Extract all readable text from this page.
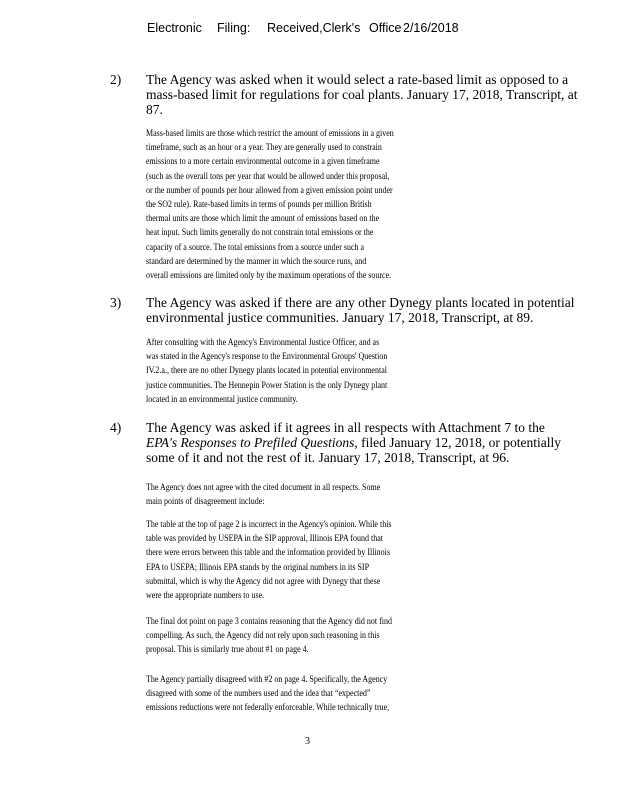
Electronic Filing: Received,Clerk's Office 2/16/2018
2) The Agency was asked when it would select a rate-based limit as opposed to a
mass-based limit for regulations for coal plants. January 17, 2018, Transcript, at
87.
Mass-based limits are those which restrict the amount of emissions in a given
timeframe, such as an hour or a year. They are generally used to constrain
emissions to a more certain environmental outcome in a given timeframe
(such as the overall tons per year that would be allowed under this proposal,
or the number of pounds per hour allowed from a given emission point under
the SO2 rule). Rate-based limits in terms of pounds per million British
thermal units are those which limit the amount of emissions based on the
heat input. Such limits generally do not constrain total emissions or the
capacity of a source. The total emissions from a source under such a
standard are determined by the manner in which the source runs, and
overall emissions are limited only by the maximum operations of the source.
3) The Agency was asked if there are any other Dynegy plants located in potential
environmental justice communities. January 17, 2018, Transcript, at 89.
After consulting with the Agency's Environmental Justice Officer, and as
was stated in the Agency's response to the Environmental Groups' Question
IV.2.a., there are no other Dynegy plants located in potential environmental
justice communities. The Hennepin Power Station is the only Dynegy plant
located in an environmental justice community.
4) The Agency was asked if it agrees in all respects with Attachment 7 to the
EPA's Responses to Prefiled Questions, filed January 12, 2018, or potentially
some of it and not the rest of it. January 17, 2018, Transcript, at 96.
The Agency does not agree with the cited document in all respects. Some
main points of disagreement include:
The table at the top of page 2 is incorrect in the Agency's opinion. While this
table was provided by USEPA in the SIP approval, Illinois EPA found that
there were errors between this table and the information provided by Illinois
EPA to USEPA; Illinois EPA stands by the original numbers in its SIP
submittal, which is why the Agency did not agree with Dynegy that these
were the appropriate numbers to use.
The final dot point on page 3 contains reasoning that the Agency did not find
compelling. As such, the Agency did not rely upon such reasoning in this
proposal. This is similarly true about #1 on page 4.
The Agency partially disagreed with #2 on page 4. Specifically, the Agency
disagreed with some of the numbers used and the idea that “expected”
emissions reductions were not federally enforceable. While technically true,
3
